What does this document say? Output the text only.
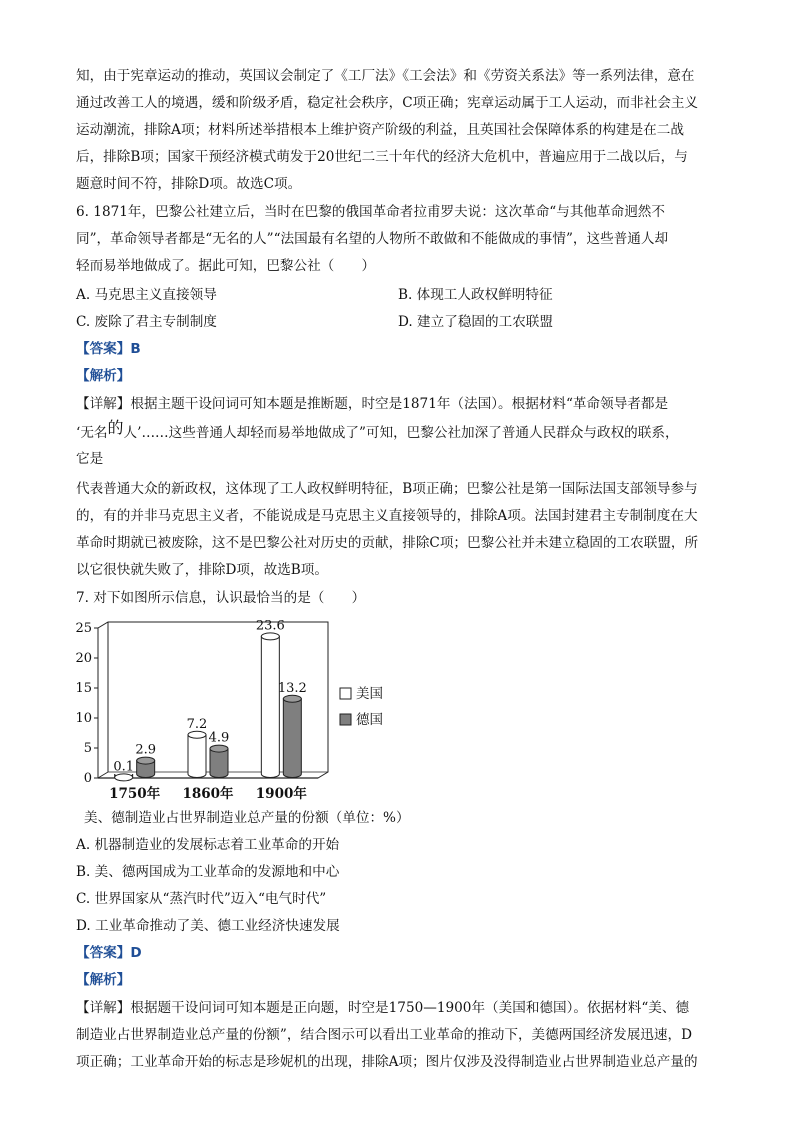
知，由于宪章运动的推动，英国议会制定了《工厂法》《工会法》和《劳资关系法》等一系列法律，意在
通过改善工人的境遇，缓和阶级矛盾，稳定社会秩序，C项正确；宪章运动属于工人运动，而非社会主义
运动潮流，排除A项；材料所述举措根本上维护资产阶级的利益，且英国社会保障体系的构建是在二战
后，排除B项；国家干预经济模式萌发于20世纪二三十年代的经济大危机中，普遍应用于二战以后，与
题意时间不符，排除D项。故选C项。
6. 1871年，巴黎公社建立后，当时在巴黎的俄国革命者拉甫罗夫说：这次革命“与其他革命迥然不
同”，革命领导者都是“无名的人”“法国最有名望的人物所不敢做和不能做成的事情”，这些普通人却
轻而易举地做成了。据此可知，巴黎公社（　　）
A. 马克思主义直接领导	B. 体现工人政权鲜明特征
C. 废除了君主专制制度	D. 建立了稳固的工农联盟
【答案】B
【解析】
【详解】根据主题干设问词可知本题是推断题，时空是1871年（法国）。根据材料“革命领导者都是
‘无名的人’……这些普通人却轻而易举地做成了”可知，巴黎公社加深了普通人民群众与政权的联系，
它是
代表普通大众的新政权，这体现了工人政权鲜明特征，B项正确；巴黎公社是第一国际法国支部领导参与
的，有的并非马克思主义者，不能说成是马克思主义直接领导的，排除A项。法国封建君主专制制度在大
革命时期就已被废除，这不是巴黎公社对历史的贡献，排除C项；巴黎公社并未建立稳固的工农联盟，所
以它很快就失败了，排除D项，故选B项。
7. 对下如图所示信息，认识最恰当的是（　　）
0
5
10
15
20
25
0.1
2.9
1750年
7.2
4.9
1860年
23.6
13.2
1900年
美国
德国
美、德制造业占世界制造业总产量的份额（单位：%）
A. 机器制造业的发展标志着工业革命的开始
B. 美、德两国成为工业革命的发源地和中心
C. 世界国家从“蒸汽时代”迈入“电气时代”
D. 工业革命推动了美、德工业经济快速发展
【答案】D
【解析】
【详解】根据题干设问词可知本题是正向题，时空是1750—1900年（美国和德国）。依据材料“美、德
制造业占世界制造业总产量的份额”，结合图示可以看出工业革命的推动下，美德两国经济发展迅速，D
项正确；工业革命开始的标志是珍妮机的出现，排除A项；图片仅涉及没得制造业占世界制造业总产量的
